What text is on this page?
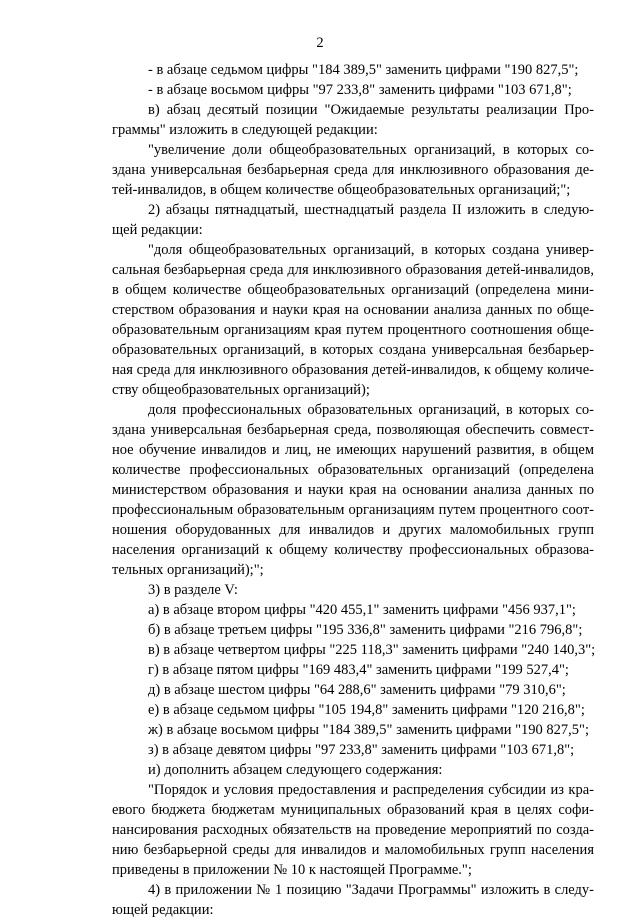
2
- в абзаце седьмом цифры "184 389,5" заменить цифрами "190 827,5";
- в абзаце восьмом цифры "97 233,8" заменить цифрами "103 671,8";
в) абзац десятый позиции "Ожидаемые результаты реализации Про-
граммы" изложить в следующей редакции:
"увеличение доли общеобразовательных организаций, в которых со-
здана универсальная безбарьерная среда для инклюзивного образования де-
тей-инвалидов, в общем количестве общеобразовательных организаций;";
2) абзацы пятнадцатый, шестнадцатый раздела II изложить в следую-
щей редакции:
"доля общеобразовательных организаций, в которых создана универ-
сальная безбарьерная среда для инклюзивного образования детей-инвалидов,
в общем количестве общеобразовательных организаций (определена мини-
стерством образования и науки края на основании анализа данных по обще-
образовательным организациям края путем процентного соотношения обще-
образовательных организаций, в которых создана универсальная безбарьер-
ная среда для инклюзивного образования детей-инвалидов, к общему количе-
ству общеобразовательных организаций);
доля профессиональных образовательных организаций, в которых со-
здана универсальная безбарьерная среда, позволяющая обеспечить совмест-
ное обучение инвалидов и лиц, не имеющих нарушений развития, в общем
количестве профессиональных образовательных организаций (определена
министерством образования и науки края на основании анализа данных по
профессиональным образовательным организациям путем процентного соот-
ношения оборудованных для инвалидов и других маломобильных групп
населения организаций к общему количеству профессиональных образова-
тельных организаций);";
3) в разделе V:
а) в абзаце втором цифры "420 455,1" заменить цифрами "456 937,1";
б) в абзаце третьем цифры "195 336,8" заменить цифрами "216 796,8";
в) в абзаце четвертом цифры "225 118,3" заменить цифрами "240 140,3";
г) в абзаце пятом цифры "169 483,4" заменить цифрами "199 527,4";
д) в абзаце шестом цифры "64 288,6" заменить цифрами "79 310,6";
е) в абзаце седьмом цифры "105 194,8" заменить цифрами "120 216,8";
ж) в абзаце восьмом цифры "184 389,5" заменить цифрами "190 827,5";
з) в абзаце девятом цифры "97 233,8" заменить цифрами "103 671,8";
и) дополнить абзацем следующего содержания:
"Порядок и условия предоставления и распределения субсидии из кра-
евого бюджета бюджетам муниципальных образований края в целях софи-
нансирования расходных обязательств на проведение мероприятий по созда-
нию безбарьерной среды для инвалидов и маломобильных групп населения
приведены в приложении № 10 к настоящей Программе.";
4) в приложении № 1 позицию "Задачи Программы" изложить в следу-
ющей редакции:
